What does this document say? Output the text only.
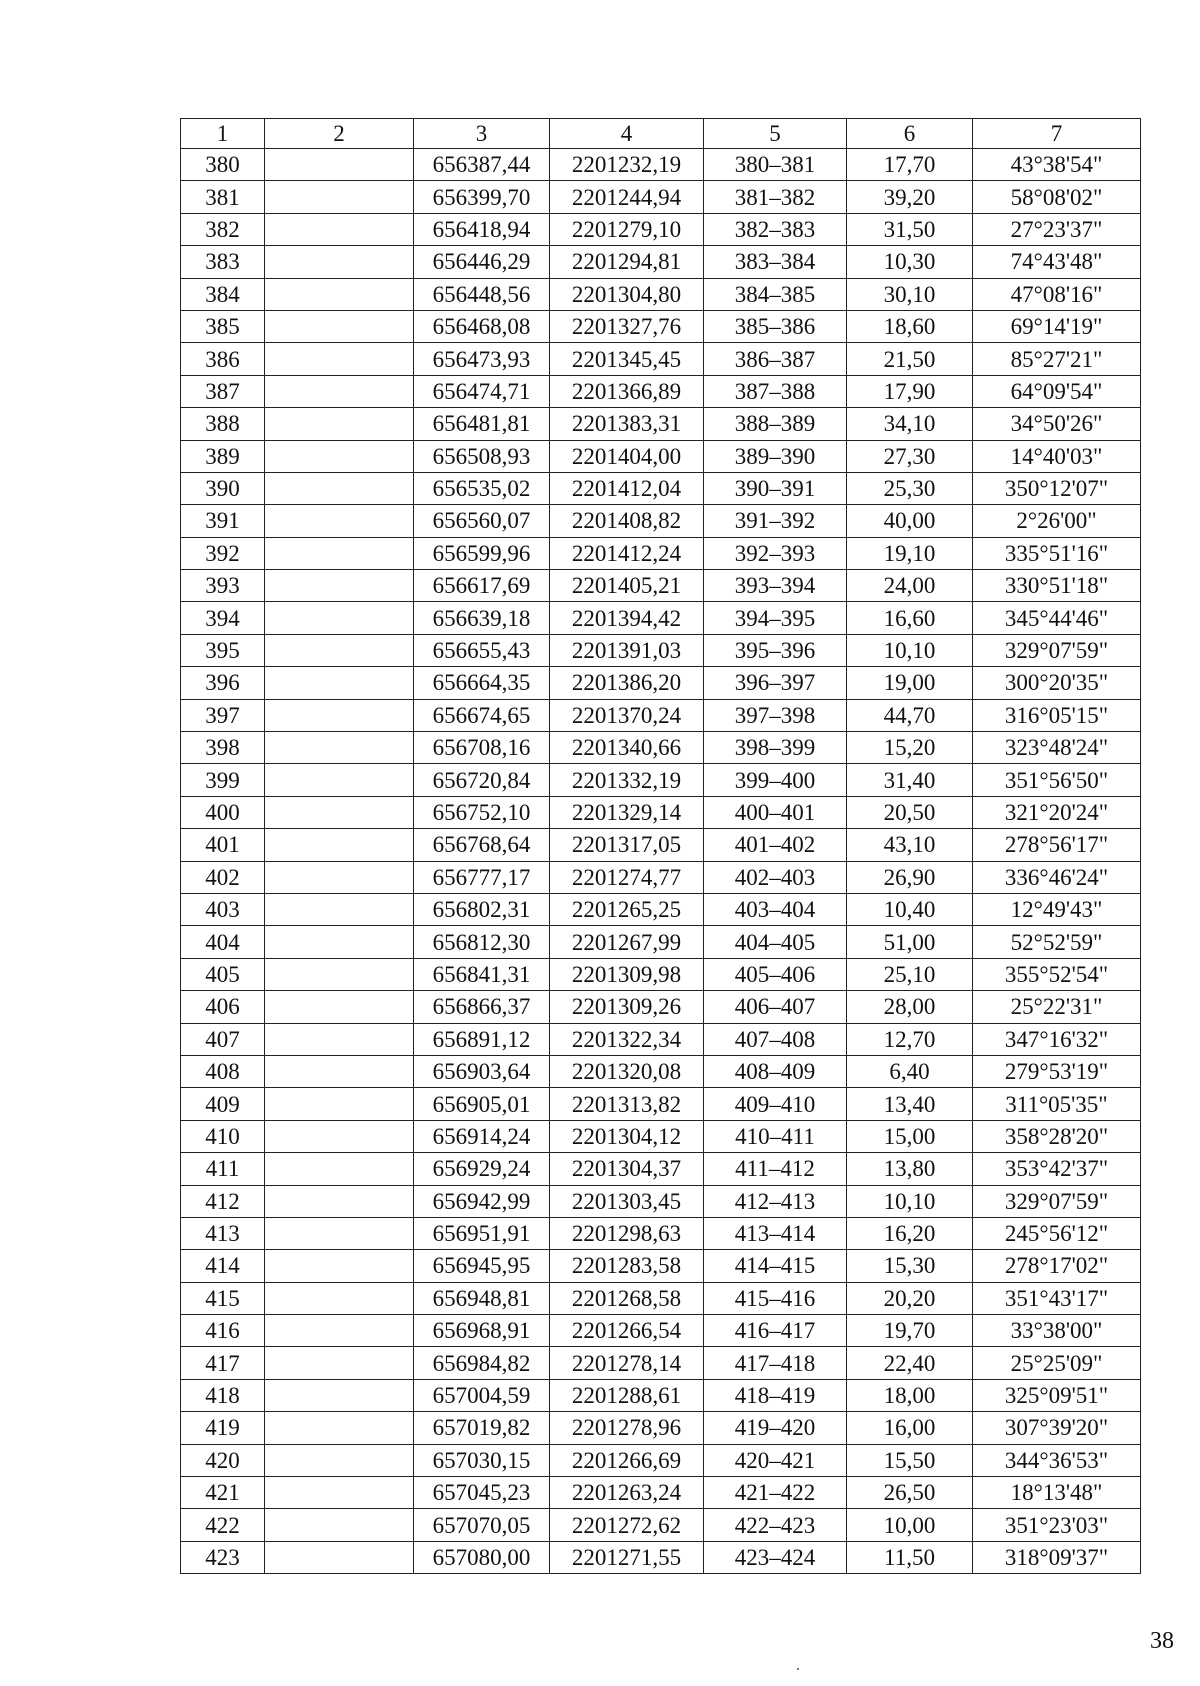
1	2	3	4	5	6	7
380		656387,44	2201232,19	380–381	17,70	43°38'54"
381		656399,70	2201244,94	381–382	39,20	58°08'02"
382		656418,94	2201279,10	382–383	31,50	27°23'37"
383		656446,29	2201294,81	383–384	10,30	74°43'48"
384		656448,56	2201304,80	384–385	30,10	47°08'16"
385		656468,08	2201327,76	385–386	18,60	69°14'19"
386		656473,93	2201345,45	386–387	21,50	85°27'21"
387		656474,71	2201366,89	387–388	17,90	64°09'54"
388		656481,81	2201383,31	388–389	34,10	34°50'26"
389		656508,93	2201404,00	389–390	27,30	14°40'03"
390		656535,02	2201412,04	390–391	25,30	350°12'07"
391		656560,07	2201408,82	391–392	40,00	2°26'00"
392		656599,96	2201412,24	392–393	19,10	335°51'16"
393		656617,69	2201405,21	393–394	24,00	330°51'18"
394		656639,18	2201394,42	394–395	16,60	345°44'46"
395		656655,43	2201391,03	395–396	10,10	329°07'59"
396		656664,35	2201386,20	396–397	19,00	300°20'35"
397		656674,65	2201370,24	397–398	44,70	316°05'15"
398		656708,16	2201340,66	398–399	15,20	323°48'24"
399		656720,84	2201332,19	399–400	31,40	351°56'50"
400		656752,10	2201329,14	400–401	20,50	321°20'24"
401		656768,64	2201317,05	401–402	43,10	278°56'17"
402		656777,17	2201274,77	402–403	26,90	336°46'24"
403		656802,31	2201265,25	403–404	10,40	12°49'43"
404		656812,30	2201267,99	404–405	51,00	52°52'59"
405		656841,31	2201309,98	405–406	25,10	355°52'54"
406		656866,37	2201309,26	406–407	28,00	25°22'31"
407		656891,12	2201322,34	407–408	12,70	347°16'32"
408		656903,64	2201320,08	408–409	6,40	279°53'19"
409		656905,01	2201313,82	409–410	13,40	311°05'35"
410		656914,24	2201304,12	410–411	15,00	358°28'20"
411		656929,24	2201304,37	411–412	13,80	353°42'37"
412		656942,99	2201303,45	412–413	10,10	329°07'59"
413		656951,91	2201298,63	413–414	16,20	245°56'12"
414		656945,95	2201283,58	414–415	15,30	278°17'02"
415		656948,81	2201268,58	415–416	20,20	351°43'17"
416		656968,91	2201266,54	416–417	19,70	33°38'00"
417		656984,82	2201278,14	417–418	22,40	25°25'09"
418		657004,59	2201288,61	418–419	18,00	325°09'51"
419		657019,82	2201278,96	419–420	16,00	307°39'20"
420		657030,15	2201266,69	420–421	15,50	344°36'53"
421		657045,23	2201263,24	421–422	26,50	18°13'48"
422		657070,05	2201272,62	422–423	10,00	351°23'03"
423		657080,00	2201271,55	423–424	11,50	318°09'37"
38
